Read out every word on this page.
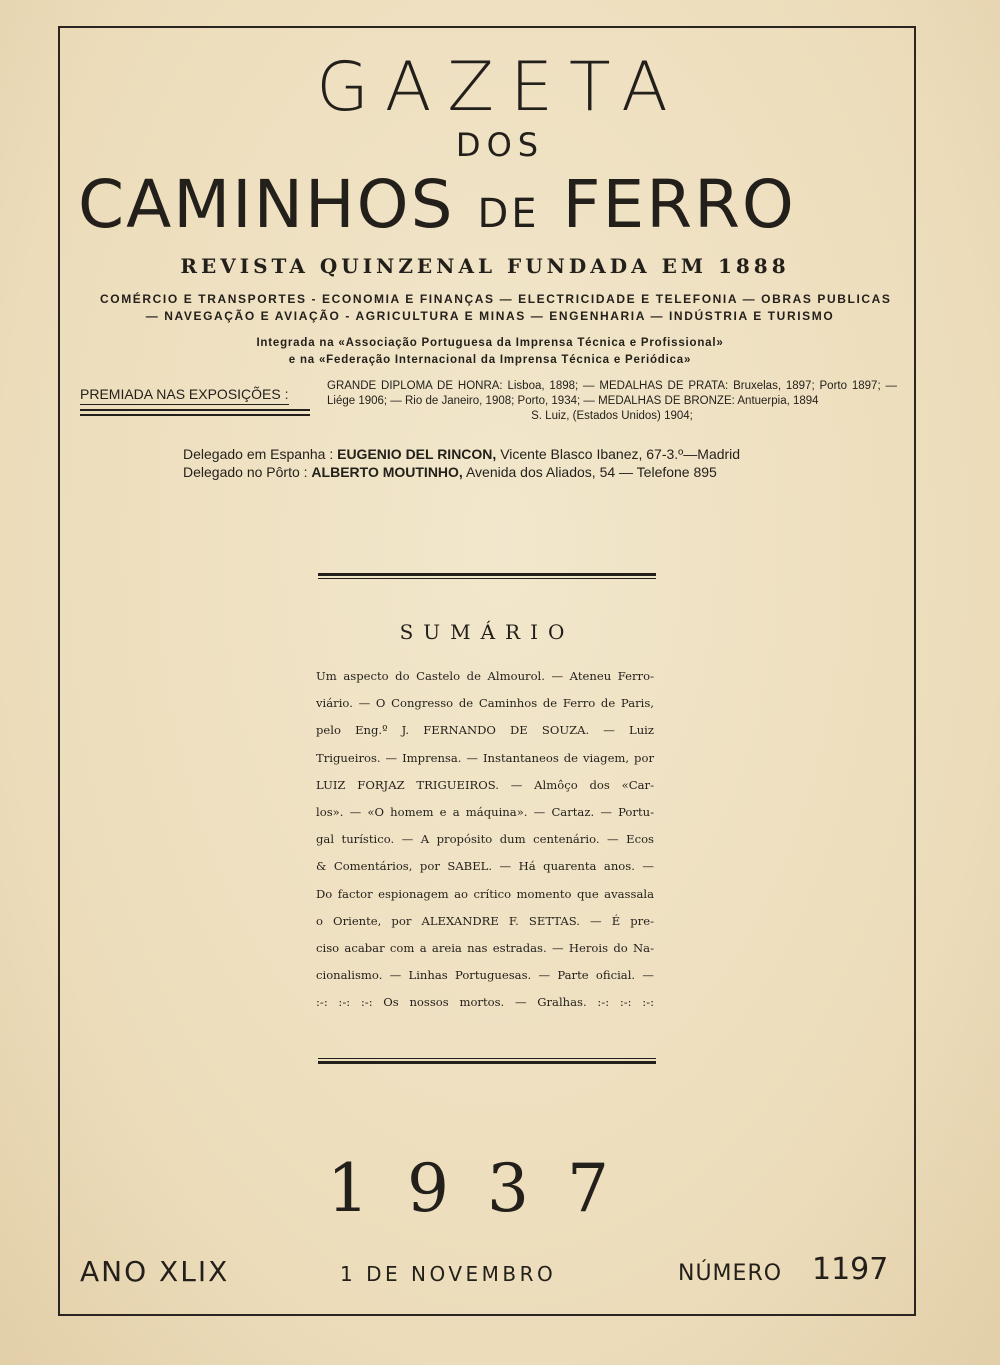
GAZETA
DOS
CAMINHOS DE FERRO
REVISTA QUINZENAL FUNDADA EM 1888
COMÉRCIO E TRANSPORTES - ECONOMIA E FINANÇAS — ELECTRICIDADE E TELEFONIA — OBRAS PUBLICAS
— NAVEGAÇÃO E AVIAÇÃO - AGRICULTURA E MINAS — ENGENHARIA — INDÚSTRIA E TURISMO
Integrada na «Associação Portuguesa da Imprensa Técnica e Profissional»
e na «Federação Internacional da Imprensa Técnica e Periódica»
PREMIADA NAS EXPOSIÇÕES :	GRANDE DIPLOMA DE HONRA: Lisboa, 1898; — MEDALHAS DE PRATA: Bruxelas, 1897; Porto 1897; — Liége 1906; — Rio de Janeiro, 1908; Porto, 1934; — MEDALHAS DE BRONZE: Antuerpia, 1894
S. Luiz, (Estados Unidos) 1904;
Delegado em Espanha : EUGENIO DEL RINCON, Vicente Blasco Ibanez, 67-3.º—Madrid
Delegado no Pôrto : ALBERTO MOUTINHO, Avenida dos Aliados, 54 — Telefone 895
SUMÁRIO
Um aspecto do Castelo de Almourol. — Ateneu Ferro-
viário. — O Congresso de Caminhos de Ferro de Paris,
pelo Eng.º J. FERNANDO DE SOUZA. — Luiz
Trigueiros. — Imprensa. — Instantaneos de viagem, por
LUIZ FORJAZ TRIGUEIROS. — Almôço dos «Car-
los». — «O homem e a máquina». — Cartaz. — Portu-
gal turístico. — A propósito dum centenário. — Ecos
& Comentários, por SABEL. — Há quarenta anos. —
Do factor espionagem ao crítico momento que avassala
o Oriente, por ALEXANDRE F. SETTAS. — É pre-
ciso acabar com a areia nas estradas. — Herois do Na-
cionalismo. — Linhas Portuguesas. — Parte oficial. —
:-: :-: :-: Os nossos mortos. — Gralhas. :-: :-: :-:
1937
ANO XLIX	1 DE NOVEMBRO	NÚMERO 1197
